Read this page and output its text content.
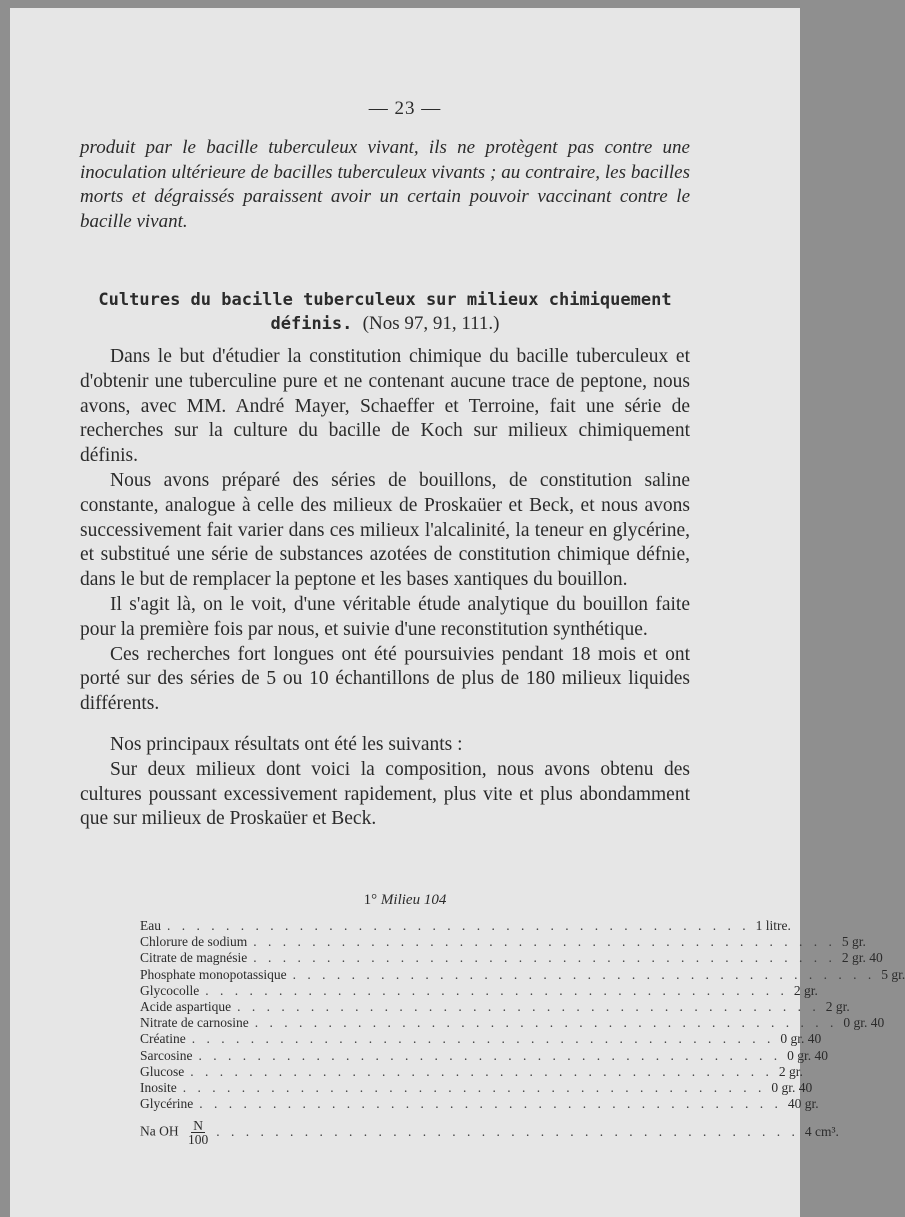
— 23 —
produit par le bacille tuberculeux vivant, ils ne protègent pas contre une inoculation ultérieure de bacilles tuberculeux vivants ; au contraire, les bacilles morts et dégraissés paraissent avoir un certain pouvoir vaccinant contre le bacille vivant.
Cultures du bacille tuberculeux sur milieux chimiquement
définis. (Nos 97, 91, 111.)

Dans le but d'étudier la constitution chimique du bacille tuberculeux et d'obtenir une tuberculine pure et ne contenant aucune trace de peptone, nous avons, avec MM. André Mayer, Schaeffer et Terroine, fait une série de recherches sur la culture du bacille de Koch sur milieux chimiquement définis.

Nous avons préparé des séries de bouillons, de constitution saline constante, analogue à celle des milieux de Proskaüer et Beck, et nous avons successivement fait varier dans ces milieux l'alcalinité, la teneur en glycérine, et substitué une série de substances azotées de constitution chimique défnie, dans le but de remplacer la peptone et les bases xantiques du bouillon.

Il s'agit là, on le voit, d'une véritable étude analytique du bouillon faite pour la première fois par nous, et suivie d'une reconstitution synthétique.

Ces recherches fort longues ont été poursuivies pendant 18 mois et ont porté sur des séries de 5 ou 10 échantillons de plus de 180 milieux liquides différents.

Nos principaux résultats ont été les suivants :

Sur deux milieux dont voici la composition, nous avons obtenu des cultures poussant excessivement rapidement, plus vite et plus abondamment que sur milieux de Proskaüer et Beck.

1° Milieu 104
Eau . . . . . . . . . . . . . . . . . . . . . . . . . . . . . . . . . . . . . . . . 1 litre.
Chlorure de sodium . . . . . . . . . . . . . . . . . . . . . . . . . . . . . . . . . . . . . . . . 5 gr.
Citrate de magnésie . . . . . . . . . . . . . . . . . . . . . . . . . . . . . . . . . . . . . . . . 2 gr. 40
Phosphate monopotassique . . . . . . . . . . . . . . . . . . . . . . . . . . . . . . . . . . . . . . . . 5 gr.
Glycocolle . . . . . . . . . . . . . . . . . . . . . . . . . . . . . . . . . . . . . . . . 2 gr.
Acide aspartique . . . . . . . . . . . . . . . . . . . . . . . . . . . . . . . . . . . . . . . . 2 gr.
Nitrate de carnosine . . . . . . . . . . . . . . . . . . . . . . . . . . . . . . . . . . . . . . . . 0 gr. 40
Créatine . . . . . . . . . . . . . . . . . . . . . . . . . . . . . . . . . . . . . . . . 0 gr. 40
Sarcosine . . . . . . . . . . . . . . . . . . . . . . . . . . . . . . . . . . . . . . . . 0 gr. 40
Glucose . . . . . . . . . . . . . . . . . . . . . . . . . . . . . . . . . . . . . . . . 2 gr.
Inosite . . . . . . . . . . . . . . . . . . . . . . . . . . . . . . . . . . . . . . . . 0 gr. 40
Glycérine . . . . . . . . . . . . . . . . . . . . . . . . . . . . . . . . . . . . . . . . 40 gr.
Na OH $\frac{N}{100}$ . . . . . . . . . . . . . . . . . . . . . . . . . . . . . . . . . . . . . . . . 4 cm³.
